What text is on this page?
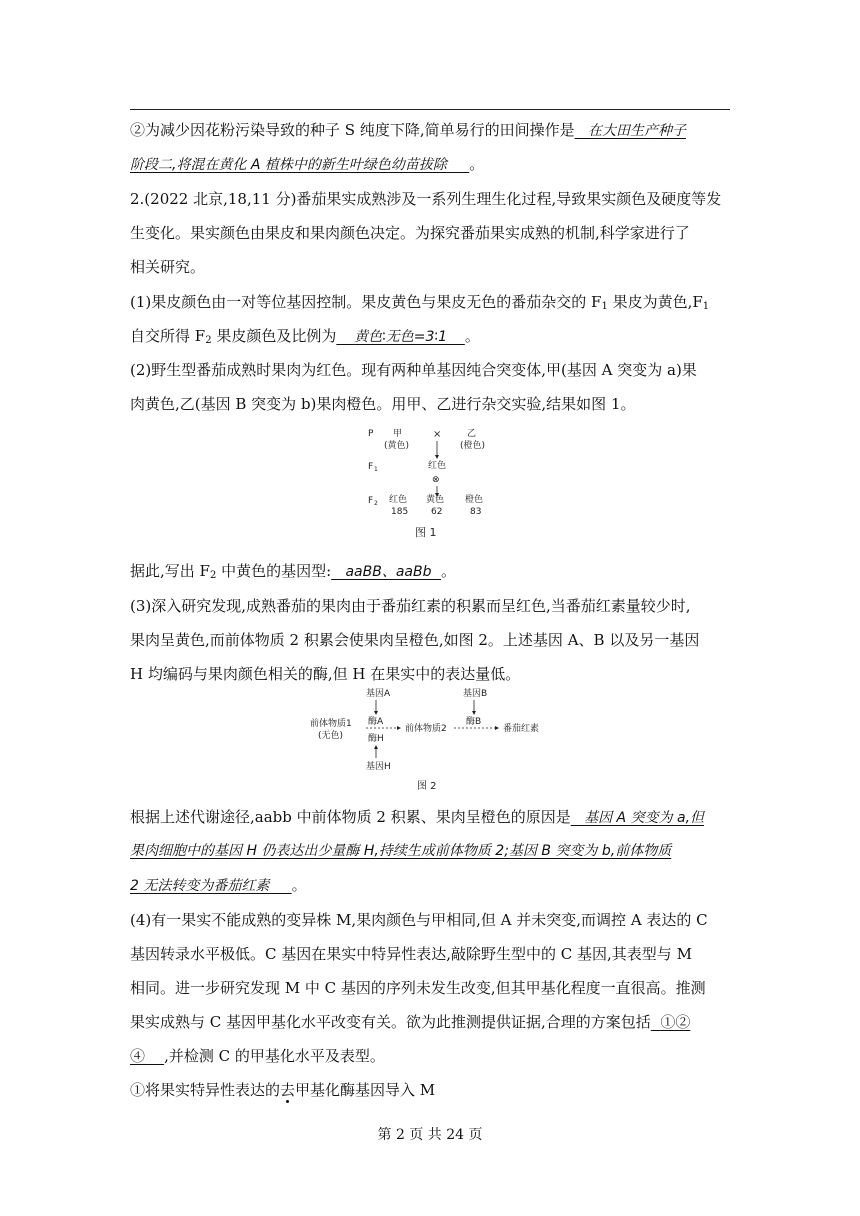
②为减少因花粉污染导致的种子 S 纯度下降,简单易行的田间操作是 在大田生产种子
阶段二,将混在黄化 A 植株中的新生叶绿色幼苗拔除 。
2.(2022 北京,18,11 分)番茄果实成熟涉及一系列生理生化过程,导致果实颜色及硬度等发
生变化。果实颜色由果皮和果肉颜色决定。为探究番茄果实成熟的机制,科学家进行了
相关研究。
(1)果皮颜色由一对等位基因控制。果皮黄色与果皮无色的番茄杂交的 $F_1$ 果皮为黄色$,F_1$
自交所得 $F_2$ 果皮颜色及比例为 黄色∶无色=3∶1 。
(2)野生型番茄成熟时果肉为红色。现有两种单基因纯合突变体,甲(基因 A 突变为 a)果
肉黄色,乙(基因 B 突变为 b)果肉橙色。用甲、乙进行杂交实验,结果如图 1。
P 甲
(黄色)
×	乙
(橙色)
F 1	红色
⊗
F 2 红色
185
黄色
62
橙色
83
图 1
据此,写出 $F_2$ 中黄色的基因型: aaBB、aaBb 。
(3)深入研究发现,成熟番茄的果肉由于番茄红素的积累而呈红色,当番茄红素量较少时,
果肉呈黄色,而前体物质 2 积累会使果肉呈橙色,如图 2。上述基因 A、B 以及另一基因
H 均编码与果肉颜色相关的酶,但 H 在果实中的表达量低。
基因A	基因B
前体物质1
(无色)
酶A
前体物质2
酶B
番茄红素
酶H
基因H
图 2
根据上述代谢途径,aabb 中前体物质 2 积累、果肉呈橙色的原因是 基因 A 突变为 a,但
果肉细胞中的基因 H 仍表达出少量酶 H,持续生成前体物质 2;基因 B 突变为 b,前体物质
2 无法转变为番茄红素 。
(4)有一果实不能成熟的变异株 M,果肉颜色与甲相同,但 A 并未突变,而调控 A 表达的 C
基因转录水平极低。C 基因在果实中特异性表达,敲除野生型中的 C 基因,其表型与 M
相同。进一步研究发现 M 中 C 基因的序列未发生改变,但其甲基化程度一直很高。推测
果实成熟与 C 基因甲基化水平改变有关。欲为此推测提供证据,合理的方案包括 ①②
④ ,并检测 C 的甲基化水平及表型。
①将果实特异性表达的去甲基化酶基因导入 M
第 2 页 共 24 页
